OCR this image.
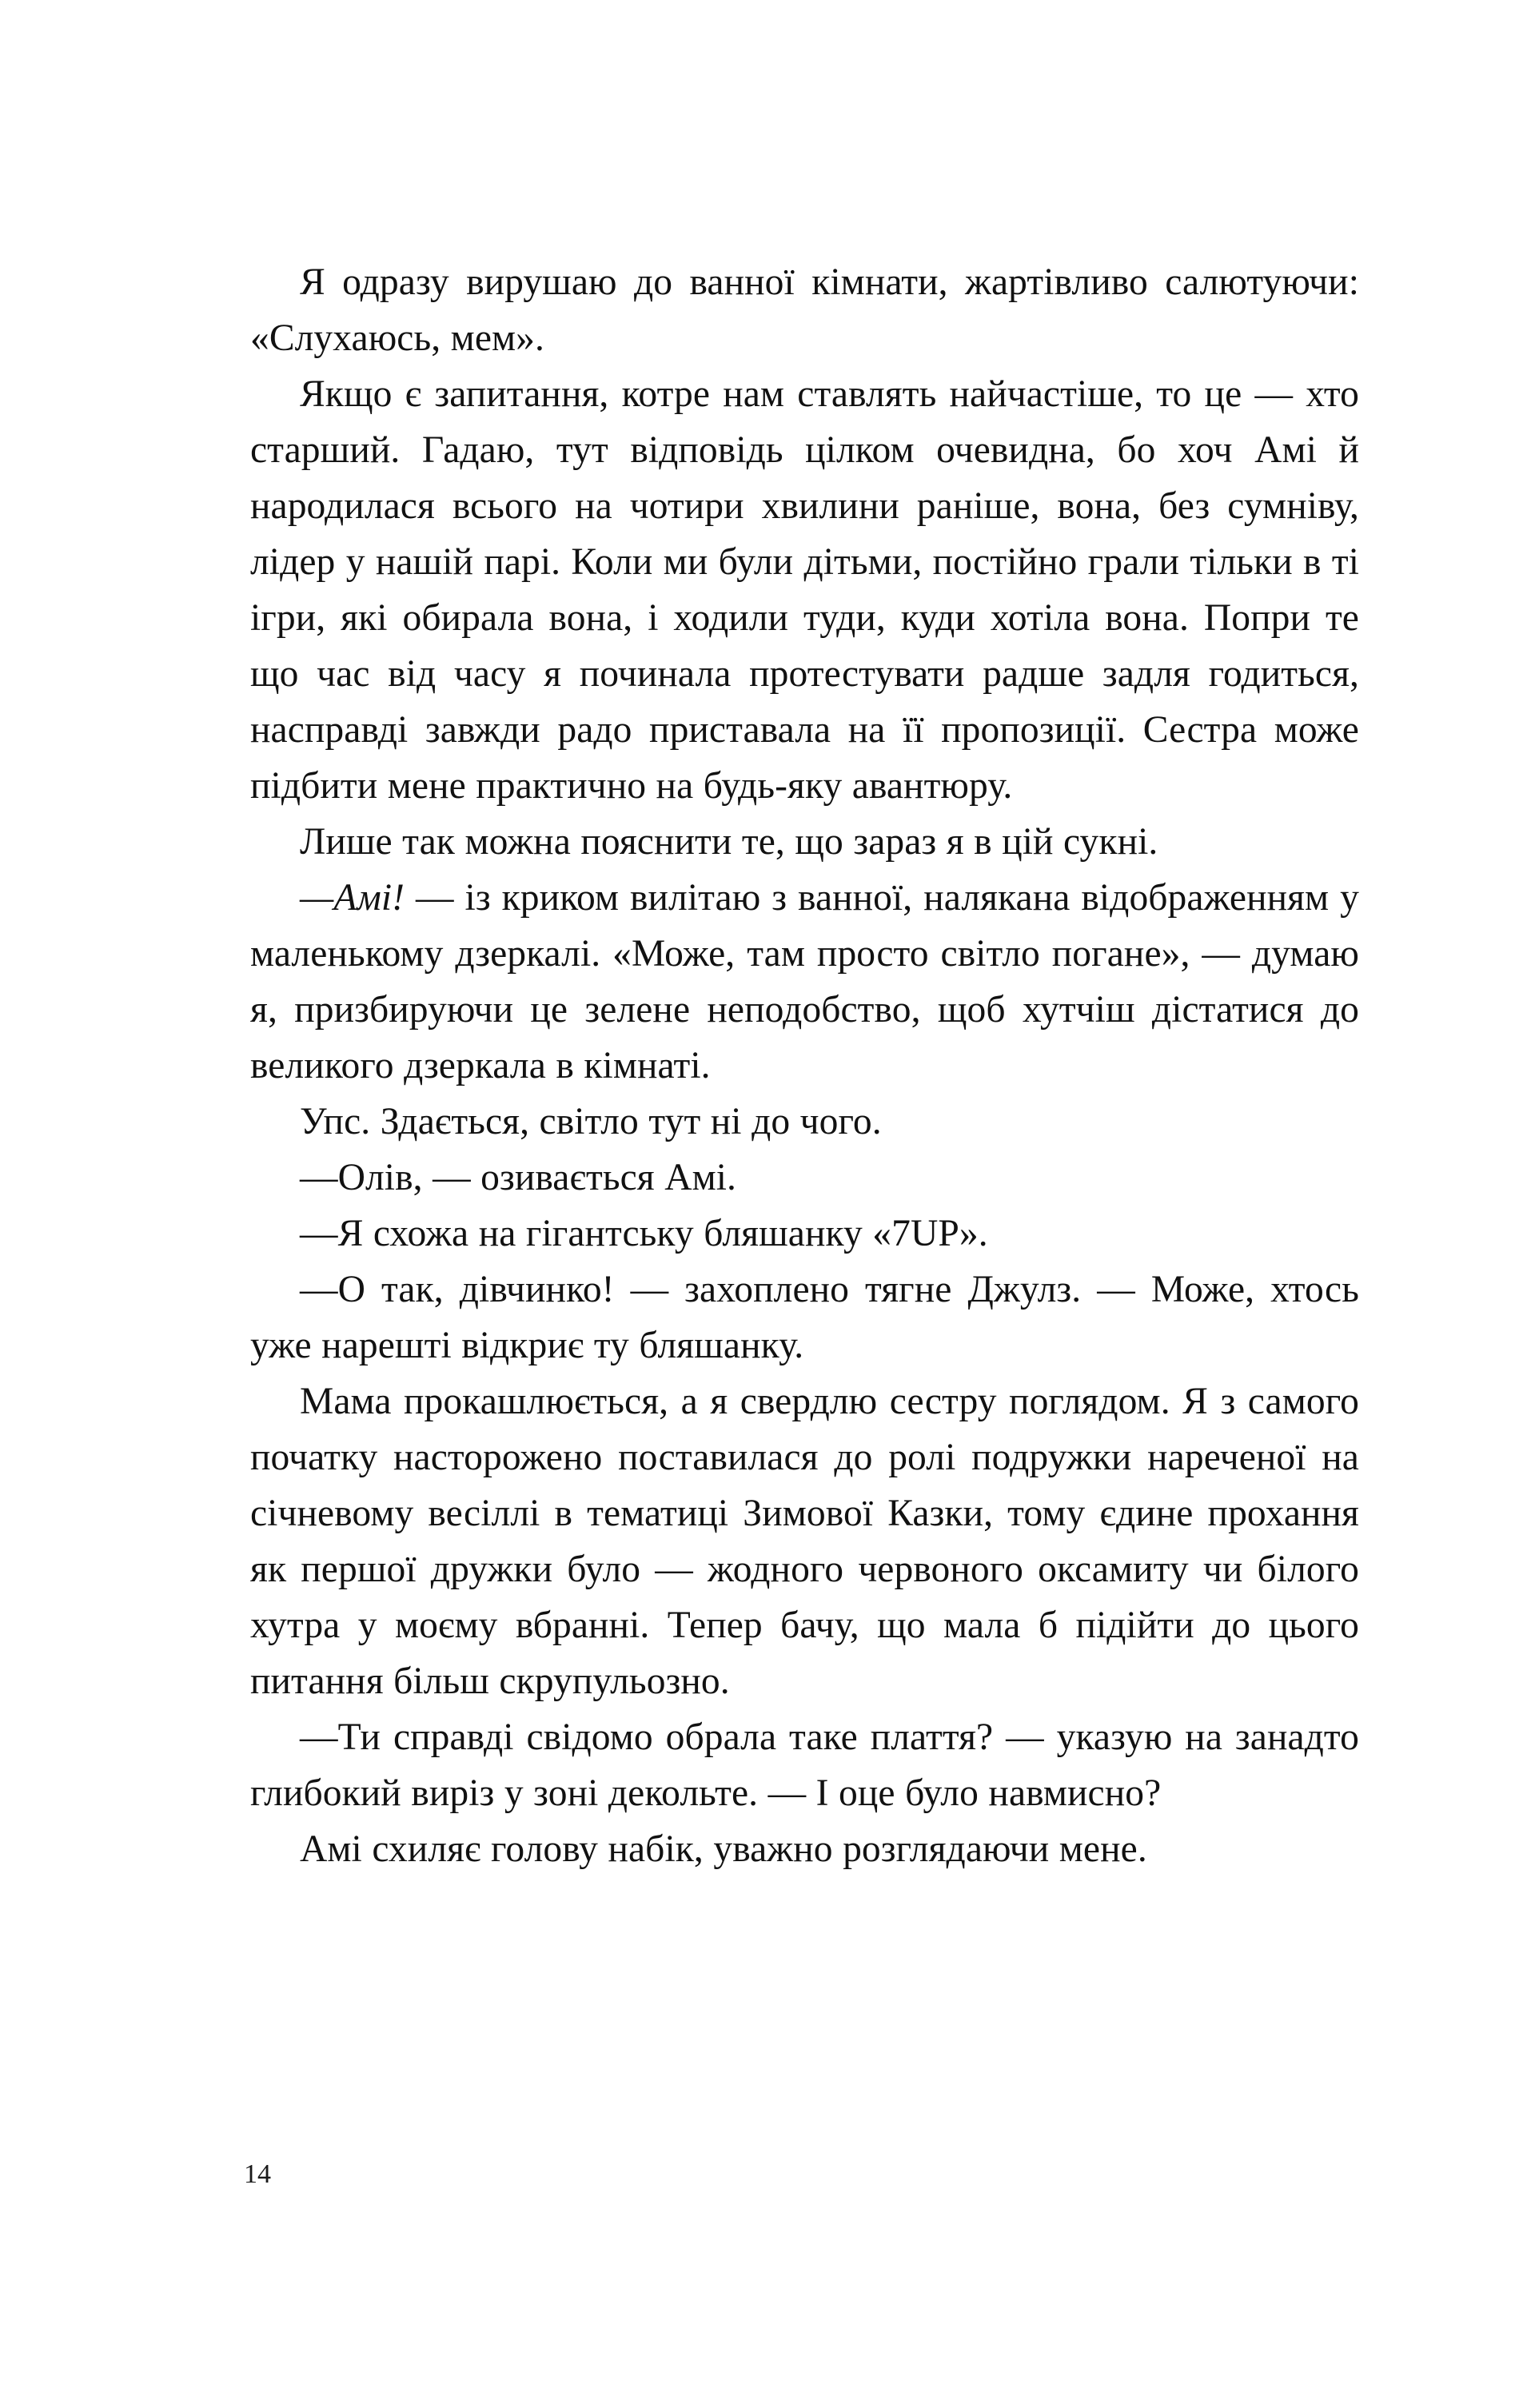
Я одразу вирушаю до ванної кімнати, жартівливо салютуючи: «Слухаюсь, мем».

Якщо є запитання, котре нам ставлять найчастіше, то це — хто старший. Гадаю, тут відповідь цілком очевидна, бо хоч Амі й народилася всього на чотири хвилини раніше, вона, без сумніву, лідер у нашій парі. Коли ми були дітьми, постійно грали тільки в ті ігри, які обирала вона, і ходили туди, куди хотіла вона. Попри те що час від часу я починала протестувати радше задля годиться, насправді завжди радо приставала на її пропозиції. Сестра може підбити мене практично на будь-яку авантюру.

Лише так можна пояснити те, що зараз я в цій сукні.

—Амі! — із криком вилітаю з ванної, налякана відображенням у маленькому дзеркалі. «Може, там просто світло погане», — думаю я, призбируючи це зелене неподобство, щоб хутчіш дістатися до великого дзеркала в кімнаті.

Упс. Здається, світло тут ні до чого.

—Олів, — озивається Амі.

—Я схожа на гігантську бляшанку «7UP».

—О так, дівчинко! — захоплено тягне Джулз. — Може, хтось уже нарешті відкриє ту бляшанку.

Мама прокашлюється, а я свердлю сестру поглядом. Я з самого початку насторожено поставилася до ролі подружки нареченої на січневому весіллі в тематиці Зимової Казки, тому єдине прохання як першої дружки було — жодного червоного оксамиту чи білого хутра у моєму вбранні. Тепер бачу, що мала б підійти до цього питання більш скрупульозно.

—Ти справді свідомо обрала таке плаття? — указую на занадто глибокий виріз у зоні декольте. — І оце було навмисно?

Амі схиляє голову набік, уважно розглядаючи мене.

14
